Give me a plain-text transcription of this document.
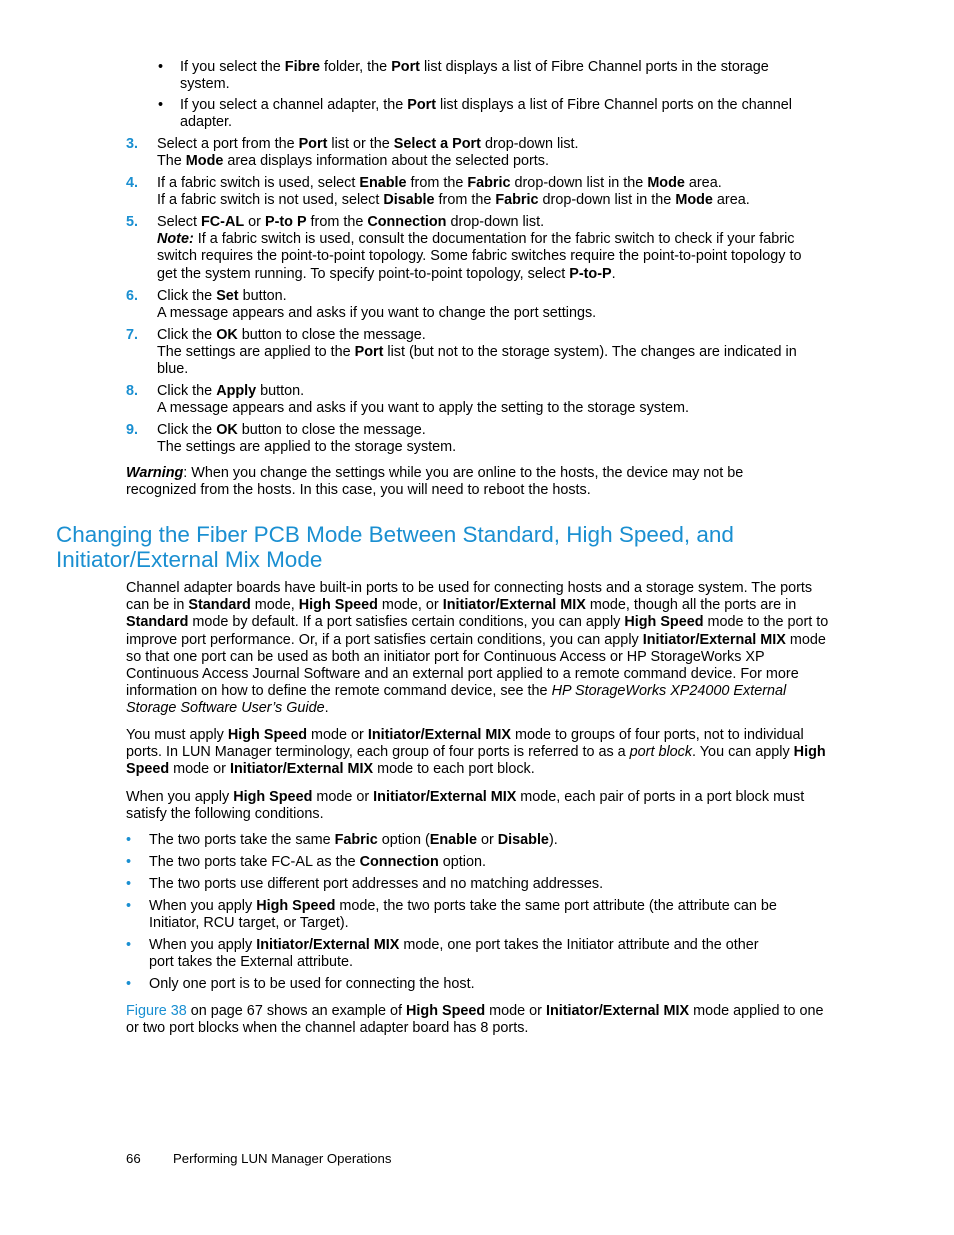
• If you select the Fibre folder, the Port list displays a list of Fibre Channel ports in the storage system.
• If you select a channel adapter, the Port list displays a list of Fibre Channel ports on the channel adapter.
3. Select a port from the Port list or the Select a Port drop-down list.
The Mode area displays information about the selected ports.
4. If a fabric switch is used, select Enable from the Fabric drop-down list in the Mode area.
If a fabric switch is not used, select Disable from the Fabric drop-down list in the Mode area.
5. Select FC-AL or P-to P from the Connection drop-down list.
Note: If a fabric switch is used, consult the documentation for the fabric switch to check if your fabric switch requires the point-to-point topology. Some fabric switches require the point-to-point topology to get the system running. To specify point-to-point topology, select P-to-P.
6. Click the Set button.
A message appears and asks if you want to change the port settings.
7. Click the OK button to close the message.
The settings are applied to the Port list (but not to the storage system). The changes are indicated in blue.
8. Click the Apply button.
A message appears and asks if you want to apply the setting to the storage system.
9. Click the OK button to close the message.
The settings are applied to the storage system.
Warning: When you change the settings while you are online to the hosts, the device may not be recognized from the hosts. In this case, you will need to reboot the hosts.
Changing the Fiber PCB Mode Between Standard, High Speed, and Initiator/External Mix Mode
Channel adapter boards have built-in ports to be used for connecting hosts and a storage system. The ports can be in Standard mode, High Speed mode, or Initiator/External MIX mode, though all the ports are in Standard mode by default. If a port satisfies certain conditions, you can apply High Speed mode to the port to improve port performance. Or, if a port satisfies certain conditions, you can apply Initiator/External MIX mode so that one port can be used as both an initiator port for Continuous Access or HP StorageWorks XP Continuous Access Journal Software and an external port applied to a remote command device. For more information on how to define the remote command device, see the HP StorageWorks XP24000 External Storage Software User’s Guide.
You must apply High Speed mode or Initiator/External MIX mode to groups of four ports, not to individual ports. In LUN Manager terminology, each group of four ports is referred to as a port block. You can apply High Speed mode or Initiator/External MIX mode to each port block.
When you apply High Speed mode or Initiator/External MIX mode, each pair of ports in a port block must satisfy the following conditions.
• The two ports take the same Fabric option (Enable or Disable).
• The two ports take FC-AL as the Connection option.
• The two ports use different port addresses and no matching addresses.
• When you apply High Speed mode, the two ports take the same port attribute (the attribute can be Initiator, RCU target, or Target).
• When you apply Initiator/External MIX mode, one port takes the Initiator attribute and the other port takes the External attribute.
• Only one port is to be used for connecting the host.
Figure 38 on page 67 shows an example of High Speed mode or Initiator/External MIX mode applied to one or two port blocks when the channel adapter board has 8 ports.
66 Performing LUN Manager Operations
